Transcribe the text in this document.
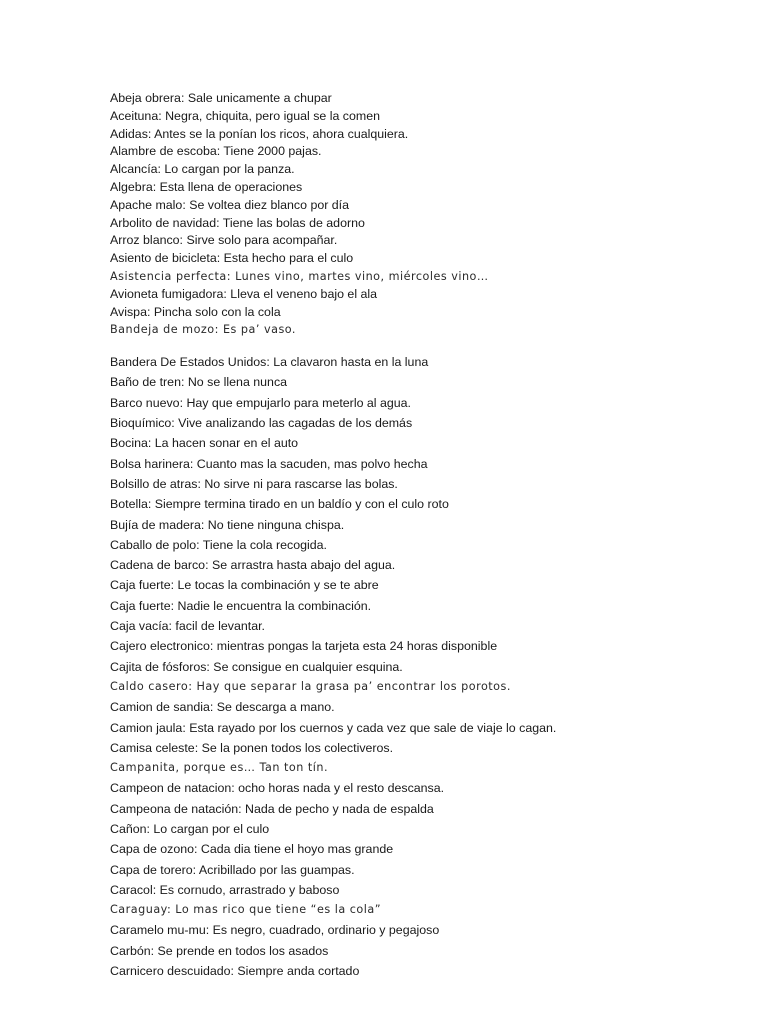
Abeja obrera: Sale unicamente a chupar
Aceituna: Negra, chiquita, pero igual se la comen
Adidas: Antes se la ponían los ricos, ahora cualquiera.
Alambre de escoba: Tiene 2000 pajas.
Alcancía: Lo cargan por la panza.
Algebra: Esta llena de operaciones
Apache malo: Se voltea diez blanco por día
Arbolito de navidad: Tiene las bolas de adorno
Arroz blanco: Sirve solo para acompañar.
Asiento de bicicleta: Esta hecho para el culo
Asistencia perfecta: Lunes vino, martes vino, miércoles vino…
Avioneta fumigadora: Lleva el veneno bajo el ala
Avispa: Pincha solo con la cola
Bandeja de mozo: Es pa’ vaso.
Bandera De Estados Unidos: La clavaron hasta en la luna
Baño de tren: No se llena nunca
Barco nuevo: Hay que empujarlo para meterlo al agua.
Bioquímico: Vive analizando las cagadas de los demás
Bocina: La hacen sonar en el auto
Bolsa harinera: Cuanto mas la sacuden, mas polvo hecha
Bolsillo de atras: No sirve ni para rascarse las bolas.
Botella: Siempre termina tirado en un baldío y con el culo roto
Bujía de madera: No tiene ninguna chispa.
Caballo de polo: Tiene la cola recogida.
Cadena de barco: Se arrastra hasta abajo del agua.
Caja fuerte: Le tocas la combinación y se te abre
Caja fuerte: Nadie le encuentra la combinación.
Caja vacía: facil de levantar.
Cajero electronico: mientras pongas la tarjeta esta 24 horas disponible
Cajita de fósforos: Se consigue en cualquier esquina.
Caldo casero: Hay que separar la grasa pa’ encontrar los porotos.
Camion de sandia: Se descarga a mano.
Camion jaula: Esta rayado por los cuernos y cada vez que sale de viaje lo cagan.
Camisa celeste: Se la ponen todos los colectiveros.
Campanita, porque es… Tan ton tín.
Campeon de natacion: ocho horas nada y el resto descansa.
Campeona de natación: Nada de pecho y nada de espalda
Cañon: Lo cargan por el culo
Capa de ozono: Cada dia tiene el hoyo mas grande
Capa de torero: Acribillado por las guampas.
Caracol: Es cornudo, arrastrado y baboso
Caraguay: Lo mas rico que tiene “es la cola”
Caramelo mu-mu: Es negro, cuadrado, ordinario y pegajoso
Carbón: Se prende en todos los asados
Carnicero descuidado: Siempre anda cortado
